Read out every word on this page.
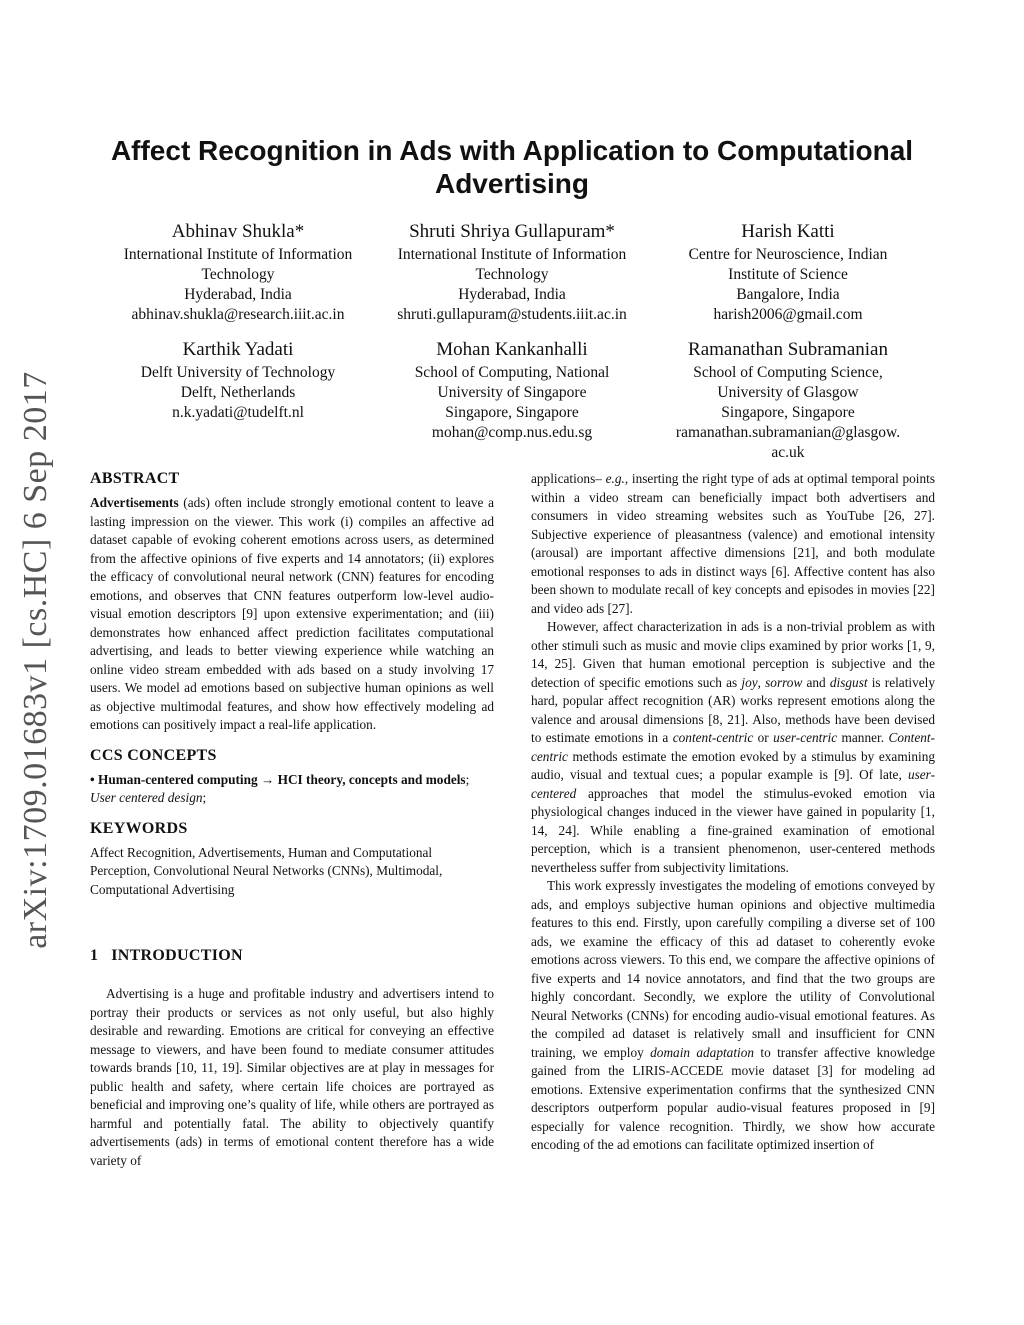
arXiv:1709.01683v1 [cs.HC] 6 Sep 2017
Affect Recognition in Ads with Application to Computational
Advertising
Abhinav Shukla*
International Institute of Information
Technology
Hyderabad, India
abhinav.shukla@research.iiit.ac.in
Shruti Shriya Gullapuram*
International Institute of Information
Technology
Hyderabad, India
shruti.gullapuram@students.iiit.ac.in
Harish Katti
Centre for Neuroscience, Indian
Institute of Science
Bangalore, India
harish2006@gmail.com
Karthik Yadati
Delft University of Technology
Delft, Netherlands
n.k.yadati@tudelft.nl
Mohan Kankanhalli
School of Computing, National
University of Singapore
Singapore, Singapore
mohan@comp.nus.edu.sg
Ramanathan Subramanian
School of Computing Science,
University of Glasgow
Singapore, Singapore
ramanathan.subramanian@glasgow.
ac.uk
ABSTRACT

Advertisements (ads) often include strongly emotional content to leave a lasting impression on the viewer. This work (i) compiles an affective ad dataset capable of evoking coherent emotions across users, as determined from the affective opinions of five experts and 14 annotators; (ii) explores the efficacy of convolutional neural network (CNN) features for encoding emotions, and observes that CNN features outperform low-level audio-visual emotion descriptors [9] upon extensive experimentation; and (iii) demonstrates how enhanced affect prediction facilitates computational advertising, and leads to better viewing experience while watching an online video stream embedded with ads based on a study involving 17 users. We model ad emotions based on subjective human opinions as well as objective multimodal features, and show how effectively modeling ad emotions can positively impact a real-life application.

CCS CONCEPTS

• Human-centered computing → HCI theory, concepts and models; User centered design;

KEYWORDS

Affect Recognition, Advertisements, Human and Computational Perception, Convolutional Neural Networks (CNNs), Multimodal, Computational Advertising

1   INTRODUCTION

Advertising is a huge and profitable industry and advertisers intend to portray their products or services as not only useful, but also highly desirable and rewarding. Emotions are critical for conveying an effective message to viewers, and have been found to mediate consumer attitudes towards brands [10, 11, 19]. Similar objectives are at play in messages for public health and safety, where certain life choices are portrayed as beneficial and improving one’s quality of life, while others are portrayed as harmful and potentially fatal. The ability to objectively quantify advertisements (ads) in terms of emotional content therefore has a wide variety of

applications– e.g., inserting the right type of ads at optimal temporal points within a video stream can beneficially impact both advertisers and consumers in video streaming websites such as YouTube [26, 27]. Subjective experience of pleasantness (valence) and emotional intensity (arousal) are important affective dimensions [21], and both modulate emotional responses to ads in distinct ways [6]. Affective content has also been shown to modulate recall of key concepts and episodes in movies [22] and video ads [27].

However, affect characterization in ads is a non-trivial problem as with other stimuli such as music and movie clips examined by prior works [1, 9, 14, 25]. Given that human emotional perception is subjective and the detection of specific emotions such as joy, sorrow and disgust is relatively hard, popular affect recognition (AR) works represent emotions along the valence and arousal dimensions [8, 21]. Also, methods have been devised to estimate emotions in a content-centric or user-centric manner. Content-centric methods estimate the emotion evoked by a stimulus by examining audio, visual and textual cues; a popular example is [9]. Of late, user-centered approaches that model the stimulus-evoked emotion via physiological changes induced in the viewer have gained in popularity [1, 14, 24]. While enabling a fine-grained examination of emotional perception, which is a transient phenomenon, user-centered methods nevertheless suffer from subjectivity limitations.

This work expressly investigates the modeling of emotions conveyed by ads, and employs subjective human opinions and objective multimedia features to this end. Firstly, upon carefully compiling a diverse set of 100 ads, we examine the efficacy of this ad dataset to coherently evoke emotions across viewers. To this end, we compare the affective opinions of five experts and 14 novice annotators, and find that the two groups are highly concordant. Secondly, we explore the utility of Convolutional Neural Networks (CNNs) for encoding audio-visual emotional features. As the compiled ad dataset is relatively small and insufficient for CNN training, we employ domain adaptation to transfer affective knowledge gained from the LIRIS-ACCEDE movie dataset [3] for modeling ad emotions. Extensive experimentation confirms that the synthesized CNN descriptors outperform popular audio-visual features proposed in [9] especially for valence recognition. Thirdly, we show how accurate encoding of the ad emotions can facilitate optimized insertion of
